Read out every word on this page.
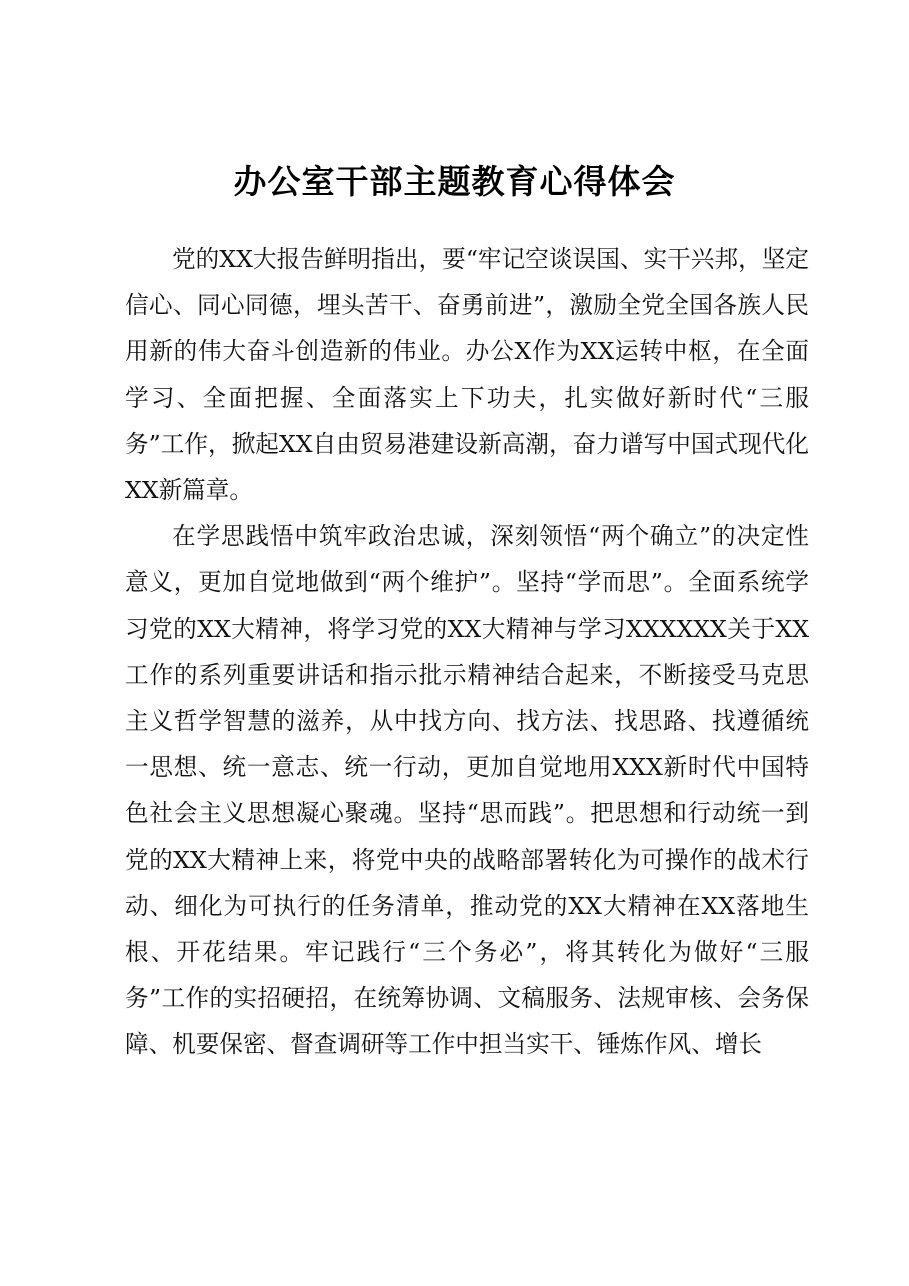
办公室干部主题教育心得体会

党的XX大报告鲜明指出，要“牢记空谈误国、实干兴邦，坚定信心、同心同德，埋头苦干、奋勇前进”，激励全党全国各族人民用新的伟大奋斗创造新的伟业。办公X作为XX运转中枢，在全面学习、全面把握、全面落实上下功夫，扎实做好新时代“三服务”工作，掀起XX自由贸易港建设新高潮，奋力谱写中国式现代化XX新篇章。

在学思践悟中筑牢政治忠诚，深刻领悟“两个确立”的决定性意义，更加自觉地做到“两个维护”。坚持“学而思”。全面系统学习党的XX大精神，将学习党的XX大精神与学习XXXXXX关于XX工作的系列重要讲话和指示批示精神结合起来，不断接受马克思主义哲学智慧的滋养，从中找方向、找方法、找思路、找遵循统一思想、统一意志、统一行动，更加自觉地用XXX新时代中国特色社会主义思想凝心聚魂。坚持“思而践”。把思想和行动统一到党的XX大精神上来，将党中央的战略部署转化为可操作的战术行动、细化为可执行的任务清单，推动党的XX大精神在XX落地生根、开花结果。牢记践行“三个务必”，将其转化为做好“三服务”工作的实招硬招，在统筹协调、文稿服务、法规审核、会务保障、机要保密、督查调研等工作中担当实干、锤炼作风、增长
